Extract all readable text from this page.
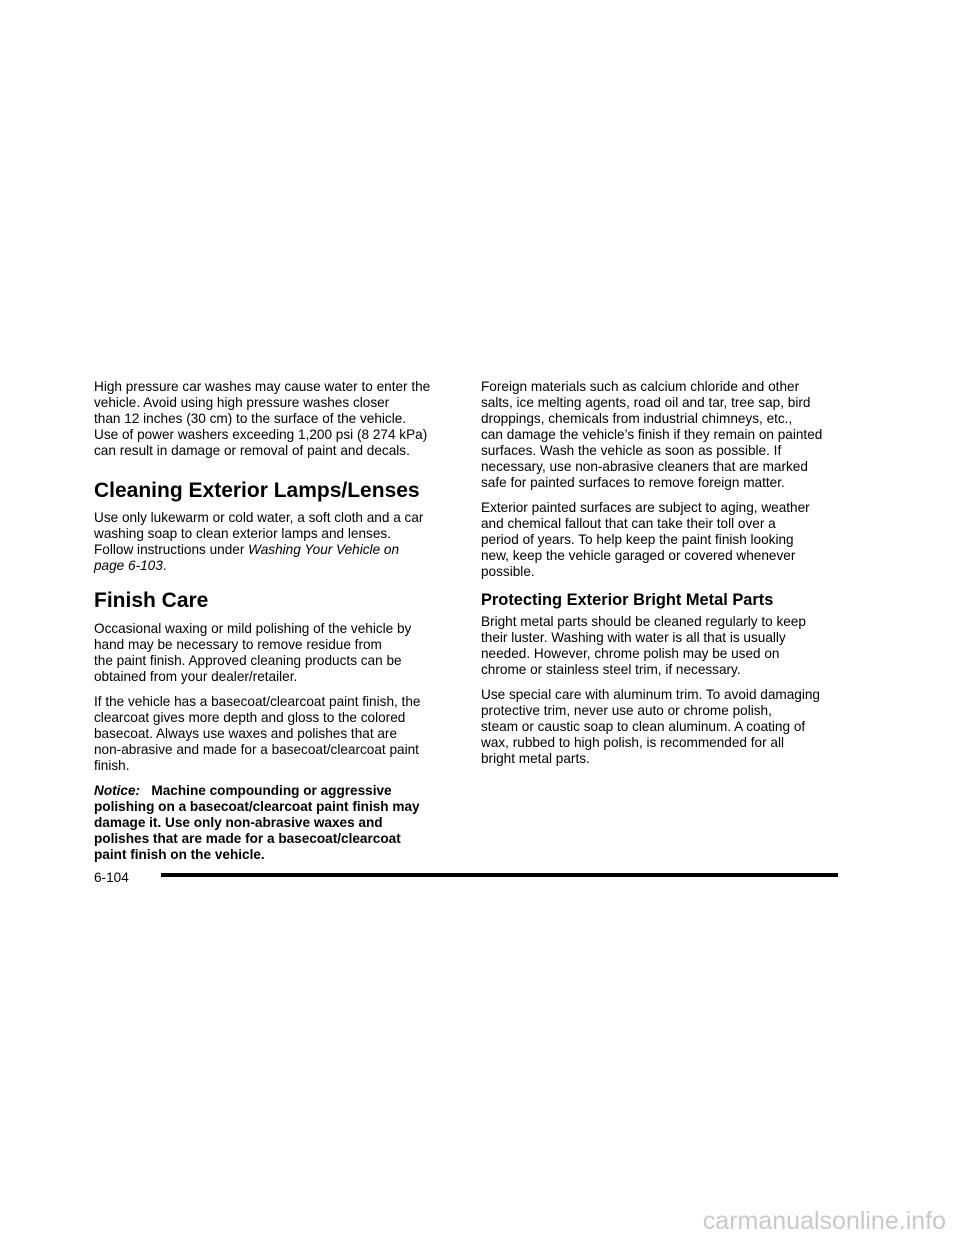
High pressure car washes may cause water to enter the
vehicle. Avoid using high pressure washes closer
than 12 inches (30 cm) to the surface of the vehicle.
Use of power washers exceeding 1,200 psi (8 274 kPa)
can result in damage or removal of paint and decals.

Cleaning Exterior Lamps/Lenses

Use only lukewarm or cold water, a soft cloth and a car
washing soap to clean exterior lamps and lenses.
Follow instructions under Washing Your Vehicle on
page 6-103.

Finish Care

Occasional waxing or mild polishing of the vehicle by
hand may be necessary to remove residue from
the paint finish. Approved cleaning products can be
obtained from your dealer/retailer.

If the vehicle has a basecoat/clearcoat paint finish, the
clearcoat gives more depth and gloss to the colored
basecoat. Always use waxes and polishes that are
non-abrasive and made for a basecoat/clearcoat paint
finish.

Notice: Machine compounding or aggressive
polishing on a basecoat/clearcoat paint finish may
damage it. Use only non-abrasive waxes and
polishes that are made for a basecoat/clearcoat
paint finish on the vehicle.

Foreign materials such as calcium chloride and other
salts, ice melting agents, road oil and tar, tree sap, bird
droppings, chemicals from industrial chimneys, etc.,
can damage the vehicle’s finish if they remain on painted
surfaces. Wash the vehicle as soon as possible. If
necessary, use non-abrasive cleaners that are marked
safe for painted surfaces to remove foreign matter.

Exterior painted surfaces are subject to aging, weather
and chemical fallout that can take their toll over a
period of years. To help keep the paint finish looking
new, keep the vehicle garaged or covered whenever
possible.

Protecting Exterior Bright Metal Parts

Bright metal parts should be cleaned regularly to keep
their luster. Washing with water is all that is usually
needed. However, chrome polish may be used on
chrome or stainless steel trim, if necessary.

Use special care with aluminum trim. To avoid damaging
protective trim, never use auto or chrome polish,
steam or caustic soap to clean aluminum. A coating of
wax, rubbed to high polish, is recommended for all
bright metal parts.

6-104
carmanualsonline.info
